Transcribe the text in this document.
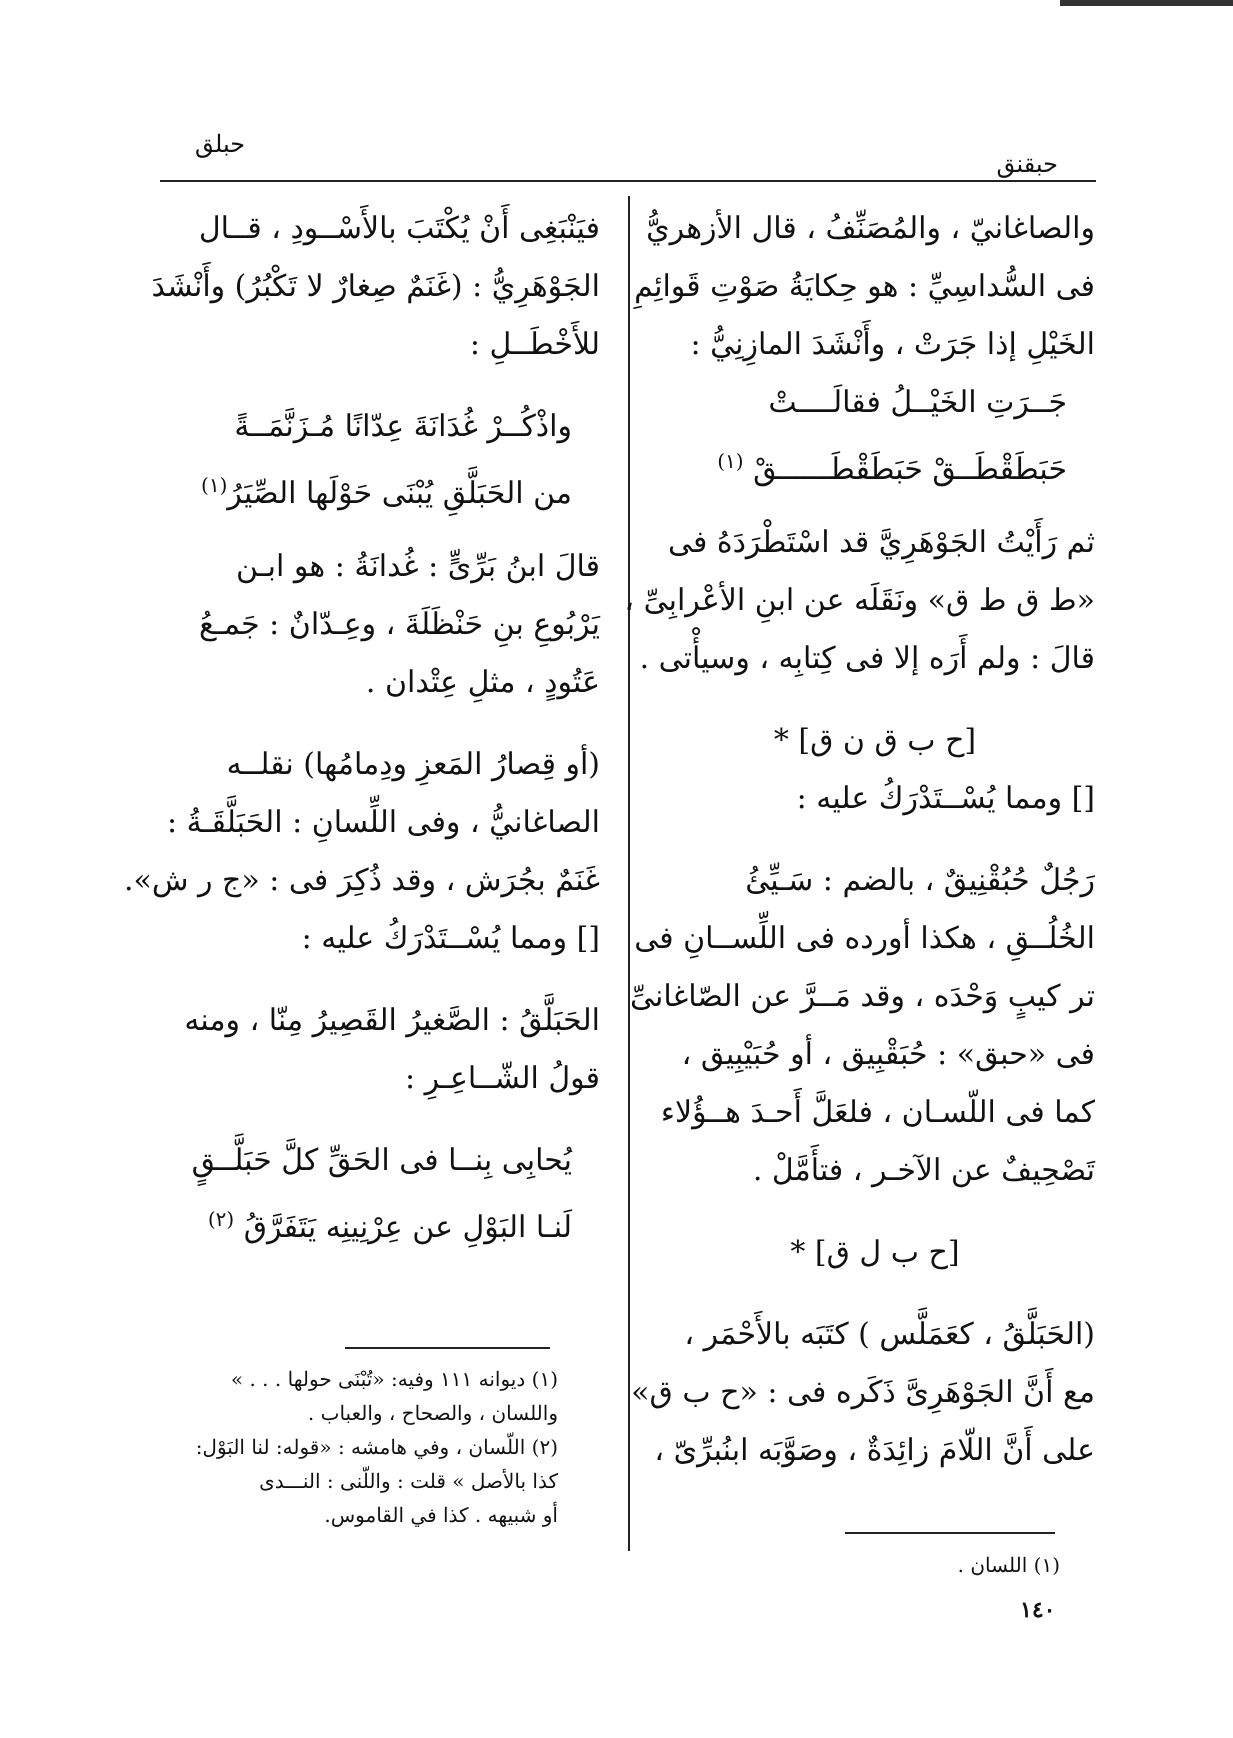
حبقنق
حبلق
والصاغانيّ ، والمُصَنِّفُ ، قال الأزهريُّ
فى السُّداسِيِّ : هو حِكايَةُ صَوْتِ قَوائِمِ
الخَيْلِ إذا جَرَتْ ، وأَنْشَدَ المازِنِيُّ :
جَــرَتِ الخَيْــلُ فقالَــــتْ
حَبَطَقْطَــقْ حَبَطَقْطَــــــقْ $^{(١)}$
ثم رَأَيْتُ الجَوْهَرِيَّ قد اسْتَطْرَدَهُ فى
«ط ق ط ق» ونَقَلَه عن ابنِ الأعْرابِىِّ ،
قالَ : ولم أَرَه إلا فى كِتابِه ، وسيأْتى .
[ح ب ق ن ق] *
[] ومما يُسْــتَدْرَكُ عليه :
رَجُلٌ حُبُقْنِيقٌ ، بالضم : سَـيِّئُ
الخُلُــقِ ، هكذا أورده فى اللِّســانِ فى
تر كيبٍ وَحْدَه ، وقد مَــرَّ عن الصّاغانىِّ
فى «حبق» : حُبَقْبِيق ، أو حُبَيْبِيق ،
كما فى اللّسـان ، فلعَلَّ أَحـدَ هــؤُلاء
تَصْحِيفٌ عن الآخـر ، فتأَمَّلْ .
[ح ب ل ق] *
(الحَبَلَّقُ ، كعَمَلَّس ) كتَبَه بالأَحْمَر ،
مع أَنَّ الجَوْهَرِىَّ ذَكَره فى : «ح ب ق»
على أَنَّ اللّامَ زائِدَةٌ ، وصَوَّبَه ابنُبرِّىّ ،
فيَنْبَغِى أَنْ يُكْتَبَ بالأَسْــودِ ، قــال
الجَوْهَرِيُّ : (غَنَمٌ صِغارٌ لا تَكْبُرُ) وأَنْشَدَ
للأَخْطَــلِ :
واذْكُــرْ غُدَانَةَ عِدّانًا مُـزَنَّمَــةً
من الحَبَلَّقِ يُبْنَى حَوْلَها الصِّيَرُ$^{(١)}$
قالَ ابنُ بَرِّىٍّ : غُدانَةُ : هو ابـن
يَرْبُوعِ بنِ حَنْظَلَةَ ، وعِـدّانٌ : جَمـعُ
عَتُودٍ ، مثلِ عِتْدان .
(أو قِصارُ المَعزِ ودِمامُها) نقلــه
الصاغانيُّ ، وفى اللِّسانِ : الحَبَلَّقَـةُ :
غَنَمٌ بجُرَش ، وقد ذُكِرَ فى : «ج ر ش».
[] ومما يُسْــتَدْرَكُ عليه :
الحَبَلَّقُ : الصَّغيرُ القَصِيرُ مِنّا ، ومنه
قولُ الشّــاعِـرِ :
يُحابِى بِنــا فى الحَقِّ كلَّ حَبَلَّــقٍ
لَنـا البَوْلِ عن عِرْنِينِه يَتَفَرَّقُ $^{(٢)}$
(١) ديوانه ١١١ وفيه: «تُبْنَى حولها . . . »
واللسان ، والصحاح ، والعباب .
(٢) اللّسان ، وفي هامشه : «قوله: لنا البَوْل:
كذا بالأصل » قلت : واللّنى : النـــدى
أو شبيهه . كذا في القاموس.
(١) اللسان .
١٤٠
